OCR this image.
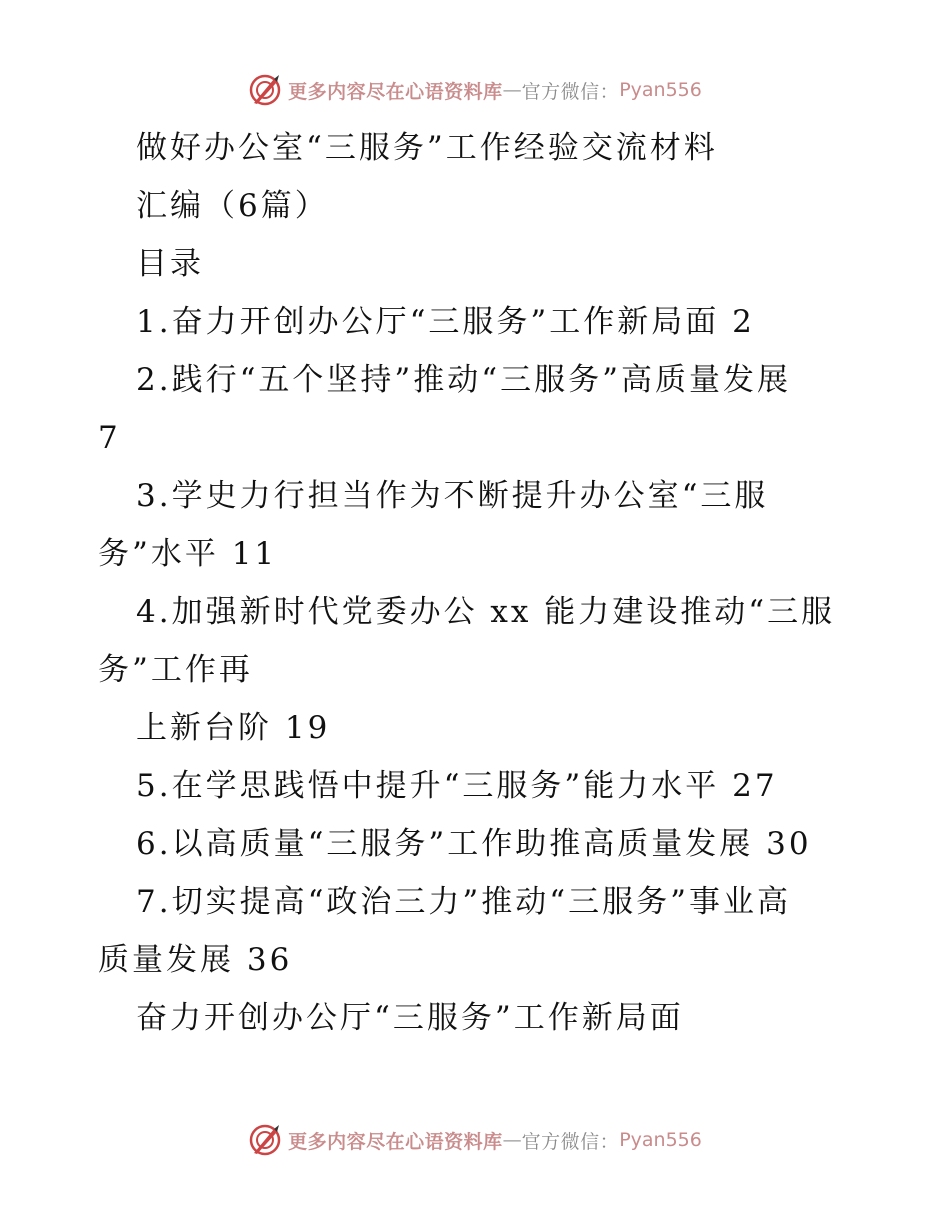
更多内容尽在心语资料库 — 官方微信： Pyan556
做好办公室“三服务”工作经验交流材料
汇编（6篇）
目录
1.奋力开创办公厅“三服务”工作新局面 2
2.践行“五个坚持”推动“三服务”高质量发展
7
3.学史力行担当作为不断提升办公室“三服
务”水平 11
4.加强新时代党委办公 xx 能力建设推动“三服
务”工作再
上新台阶 19
5.在学思践悟中提升“三服务”能力水平 27
6.以高质量“三服务”工作助推高质量发展 30
7.切实提高“政治三力”推动“三服务”事业高
质量发展 36
奋力开创办公厅“三服务”工作新局面
更多内容尽在心语资料库 — 官方微信： Pyan556
